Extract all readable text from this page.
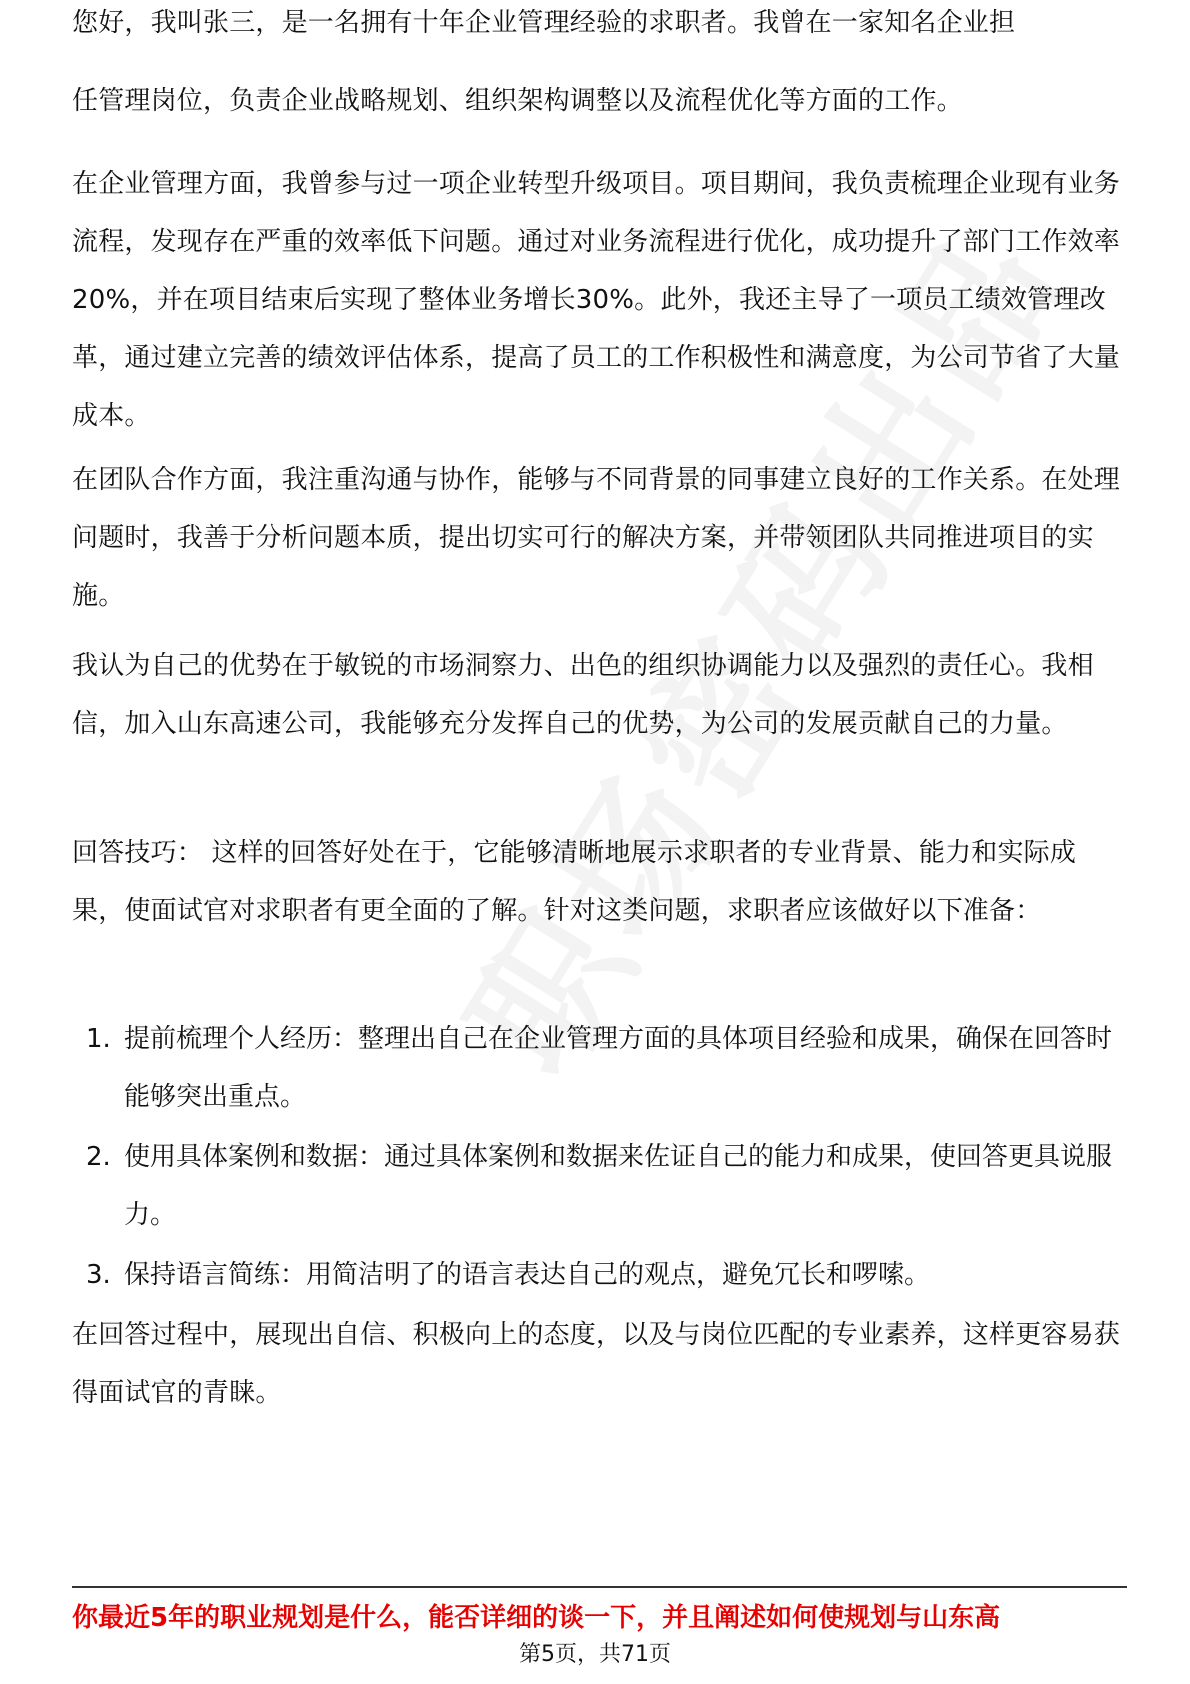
您好，我叫张三，是一名拥有十年企业管理经验的求职者。我曾在一家知名企业担

任管理岗位，负责企业战略规划、组织架构调整以及流程优化等方面的工作。

在企业管理方面，我曾参与过一项企业转型升级项目。项目期间，我负责梳理企业现有业务流程，发现存在严重的效率低下问题。通过对业务流程进行优化，成功提升了部门工作效率20%，并在项目结束后实现了整体业务增长30%。此外，我还主导了一项员工绩效管理改革，通过建立完善的绩效评估体系，提高了员工的工作积极性和满意度，为公司节省了大量成本。

在团队合作方面，我注重沟通与协作，能够与不同背景的同事建立良好的工作关系。在处理问题时，我善于分析问题本质，提出切实可行的解决方案，并带领团队共同推进项目的实施。

我认为自己的优势在于敏锐的市场洞察力、出色的组织协调能力以及强烈的责任心。我相信，加入山东高速公司，我能够充分发挥自己的优势，为公司的发展贡献自己的力量。

回答技巧： 这样的回答好处在于，它能够清晰地展示求职者的专业背景、能力和实际成果，使面试官对求职者有更全面的了解。针对这类问题，求职者应该做好以下准备：

1. 提前梳理个人经历：整理出自己在企业管理方面的具体项目经验和成果，确保在回答时能够突出重点。
2. 使用具体案例和数据：通过具体案例和数据来佐证自己的能力和成果，使回答更具说服力。
3. 保持语言简练：用简洁明了的语言表达自己的观点，避免冗长和啰嗦。

在回答过程中，展现出自信、积极向上的态度，以及与岗位匹配的专业素养，这样更容易获得面试官的青睐。

你最近5年的职业规划是什么，能否详细的谈一下，并且阐述如何使规划与山东高

第5页，共71页
